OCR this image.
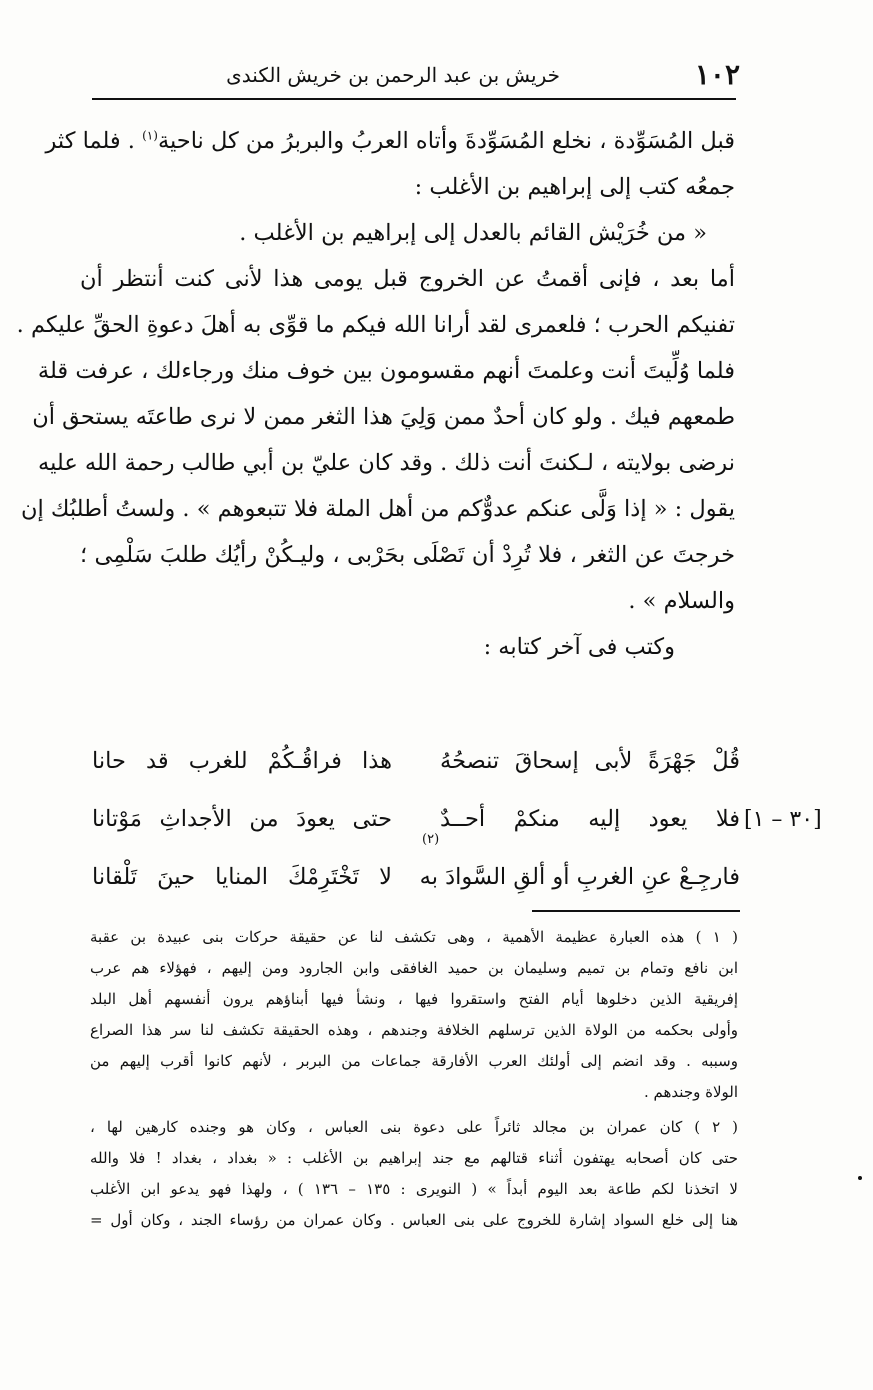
١٠٢
خريش بن عبد الرحمن بن خريش الكندى
قبل المُسَوِّدة ، نخلع المُسَوِّدةَ وأتاه العربُ والبربرُ من كل ناحية$^{(١)}$ . فلما كثر
جمعُه كتب إلى إبراهيم بن الأغلب :
« من خُرَيْش القائم بالعدل إلى إبراهيم بن الأغلب .
أما بعد ، فإنى أقمتُ عن الخروج قبل يومى هذا لأنى كنت أنتظر أن
تفنيكم الحرب ؛ فلعمرى لقد أرانا الله فيكم ما قوِّى به أهلَ دعوةِ الحقِّ عليكم .
فلما وُلِّيتَ أنت وعلمتَ أنهم مقسومون بين خوف منك ورجاءلك ، عرفت قلة
طمعهم فيك . ولو كان أحدٌ ممن وَلِيَ هذا الثغر ممن لا نرى طاعتَه يستحق أن
نرضى بولايته ، لـكنتَ أنت ذلك . وقد كان عليّ بن أبي طالب رحمة الله عليه
يقول : « إذا وَلَّى عنكم عدوٌّكم من أهل الملة فلا تتبعوهم » . ولستُ أطلبُك إن
خرجتَ عن الثغر ، فلا تُرِدْ أن تَصْلَى بحَرْبى ، وليـكُنْ رأيُك طلبَ سَلْمِى ؛
والسلام » .
وكتب فى آخر كتابه :
قُلْ جَهْرَةً لأبى إسحاقَ تنصحُهُ
هذا فراقُـكُمْ للغرب قد حانا
فلا يعود إليه منكمْ أحــدٌ
حتى يعودَ من الأجداثِ مَوْتانا
فارجِـعْ عنِ الغربِ أو ألقِ السَّوادَ به
لا تَخْتَرِمْكَ المنايا حينَ تَلْقانا
[٣٠ – ١]
(٢)
( ١ ) هذه العبارة عظيمة الأهمية ، وهى تكشف لنا عن حقيقة حركات بنى عبيدة بن عقبة
ابن نافع وتمام بن تميم وسليمان بن حميد الغافقى وابن الجارود ومن إليهم ، فهؤلاء هم عرب
إفريقية الذين دخلوها أيام الفتح واستقروا فيها ، ونشأ فيها أبناؤهم يرون أنفسهم أهل البلد
وأولى بحكمه من الولاة الذين ترسلهم الخلافة وجندهم ، وهذه الحقيقة تكشف لنا سر هذا الصراع
وسببه . وقد انضم إلى أولئك العرب الأفارقة جماعات من البربر ، لأنهم كانوا أقرب إليهم من
الولاة وجندهم .
( ٢ ) كان عمران بن مجالد ثائراً على دعوة بنى العباس ، وكان هو وجنده كارهين لها ،
حتى كان أصحابه يهتفون أثناء قتالهم مع جند إبراهيم بن الأغلب : « بغداد ، بغداد ! فلا والله
لا اتخذنا لكم طاعة بعد اليوم أبداً » ( النويرى : ١٣٥ – ١٣٦ ) ، ولهذا فهو يدعو ابن الأغلب
هنا إلى خلع السواد إشارة للخروج على بنى العباس . وكان عمران من رؤساء الجند ، وكان أول =
